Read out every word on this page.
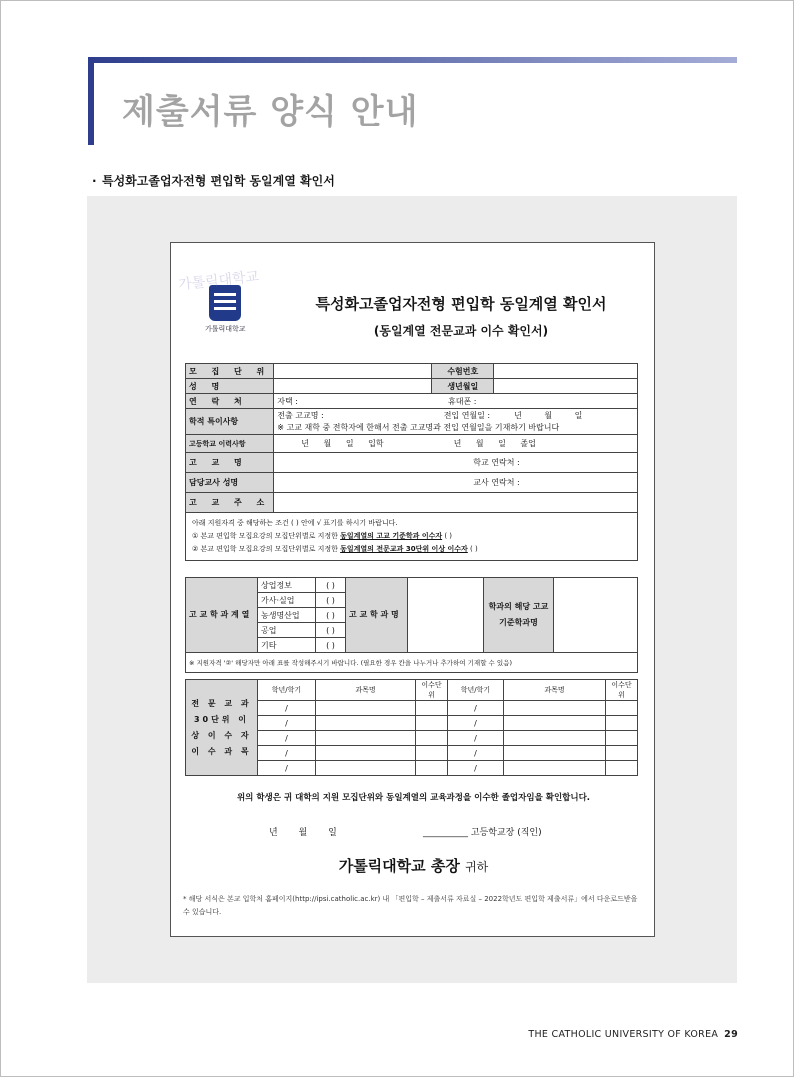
제출서류 양식 안내
· 특성화고졸업자전형 편입학 동일계열 확인서
가톨릭대학교
특성화고졸업자전형 편입학 동일계열 확인서
(동일계열 전문교과 이수 확인서)
모 집 단 위		수험번호	
성 명		생년월일	
연 락 처	자택 : 휴대폰 :		
학적 특이사항	전출 고교명 : 전입 연월일 : 년 월 일
※ 고교 재학 중 전학자에 한해서 전출 고교명과 전입 연월일을 기재하기 바랍니다		
고등학교 이력사항	년 월 일 입학 년 월 일 졸업		
고 교 명	학교 연락처 :		
담당교사 성명	교사 연락처 :		
고 교 주 소			

아래 지원자격 중 해당하는 조건 ( ) 안에 √ 표기를 하시기 바랍니다.
① 본교 편입학 모집요강의 모집단위별로 지정한 동일계열의 고교 기준학과 이수자 ( )
② 본교 편입학 모집요강의 모집단위별로 지정한 동일계열의 전문교과 30단위 이상 이수자 ( )			
고 교 학 과 계 열	상업정보	( )	고 교 학 과 명		학과의 해당 고교기준학과명	
	가사·실업	( )				
	농생명산업	( )				
	공업	( )				
	기타	( )				
※ 지원자격 '②' 해당자만 아래 표를 작성해주시기 바랍니다. (필요한 경우 칸을 나누거나 추가하여 기재할 수 있음)						
전 문 교 과 30단위 이상 이 수 자 이 수 과 목	학년/학기	과목명	이수단위	학년/학기	과목명	이수단위
	/			/		
	/			/		
	/			/		
	/			/		
	/			/		
위의 학생은 귀 대학의 지원 모집단위와 동일계열의 교육과정을 이수한 졸업자임을 확인합니다.
년 월 일	__________ 고등학교장 (직인)
가톨릭대학교 총장 귀하
* 해당 서식은 본교 입학처 홈페이지(http://ipsi.catholic.ac.kr) 내 「편입학 – 제출서류 자료실 – 2022학년도 편입학 제출서류」에서 다운로드받을 수 있습니다.
가톨릭대학교
THE CATHOLIC UNIVERSITY OF KOREA 29
